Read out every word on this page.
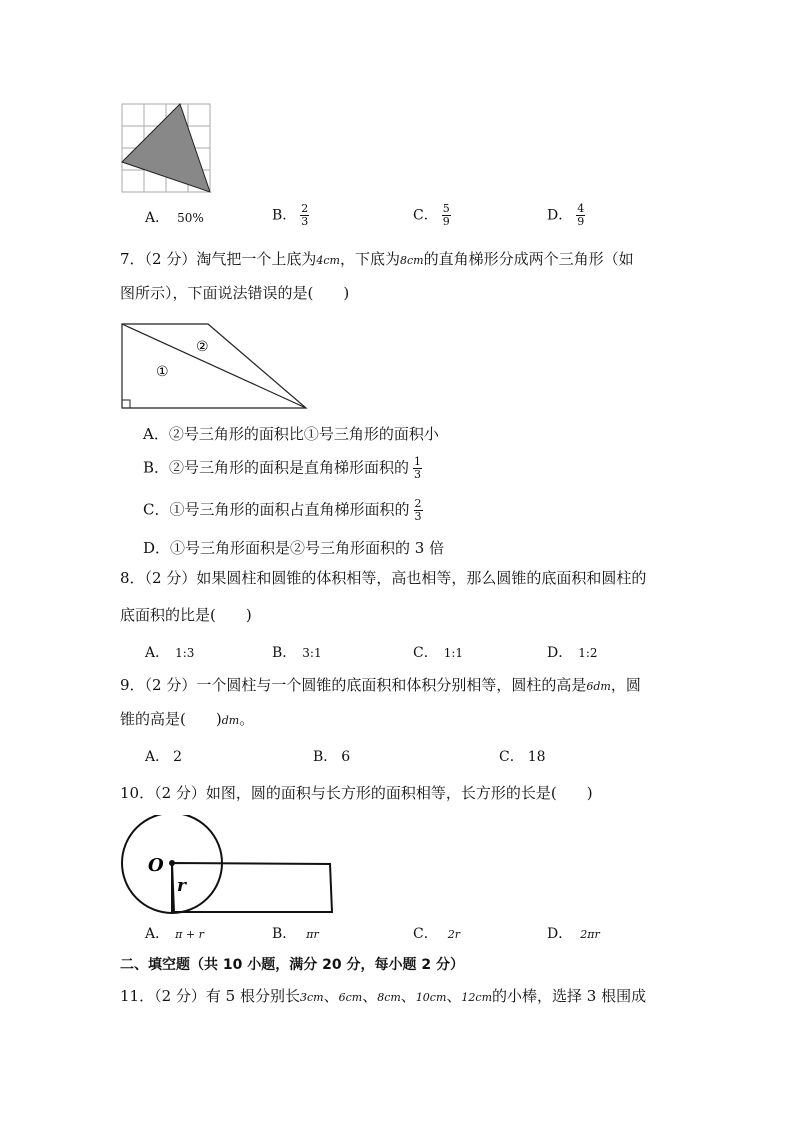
A． 50%	B． $\frac{2}{3}$	C． $\frac{5}{9}$	D． $\frac{4}{9}$
7．（2 分）淘气把一个上底为4cm，下底为8cm的直角梯形分成两个三角形（如
图所示），下面说法错误的是(　　)
②
①
A．②号三角形的面积比①号三角形的面积小
B．②号三角形的面积是直角梯形面积的 $\frac{1}{3}$
C．①号三角形的面积占直角梯形面积的 $\frac{2}{3}$
D．①号三角形面积是②号三角形面积的 3 倍
8．（2 分）如果圆柱和圆锥的体积相等，高也相等，那么圆锥的底面积和圆柱的
底面积的比是(　　)
A． 1:3	B． 3:1	C． 1:1	D． 1:2
9．（2 分）一个圆柱与一个圆锥的底面积和体积分别相等，圆柱的高是6dm，圆
锥的高是(　　)dm。
A． 2	B． 6	C． 18
10．（2 分）如图，圆的面积与长方形的面积相等，长方形的长是(　　)
O
r
A． π + r	B． πr	C． 2r	D． 2πr
二、填空题（共 10 小题，满分 20 分，每小题 2 分）
11．（2 分）有 5 根分别长3cm、6cm、8cm、10cm、12cm的小棒，选择 3 根围成
